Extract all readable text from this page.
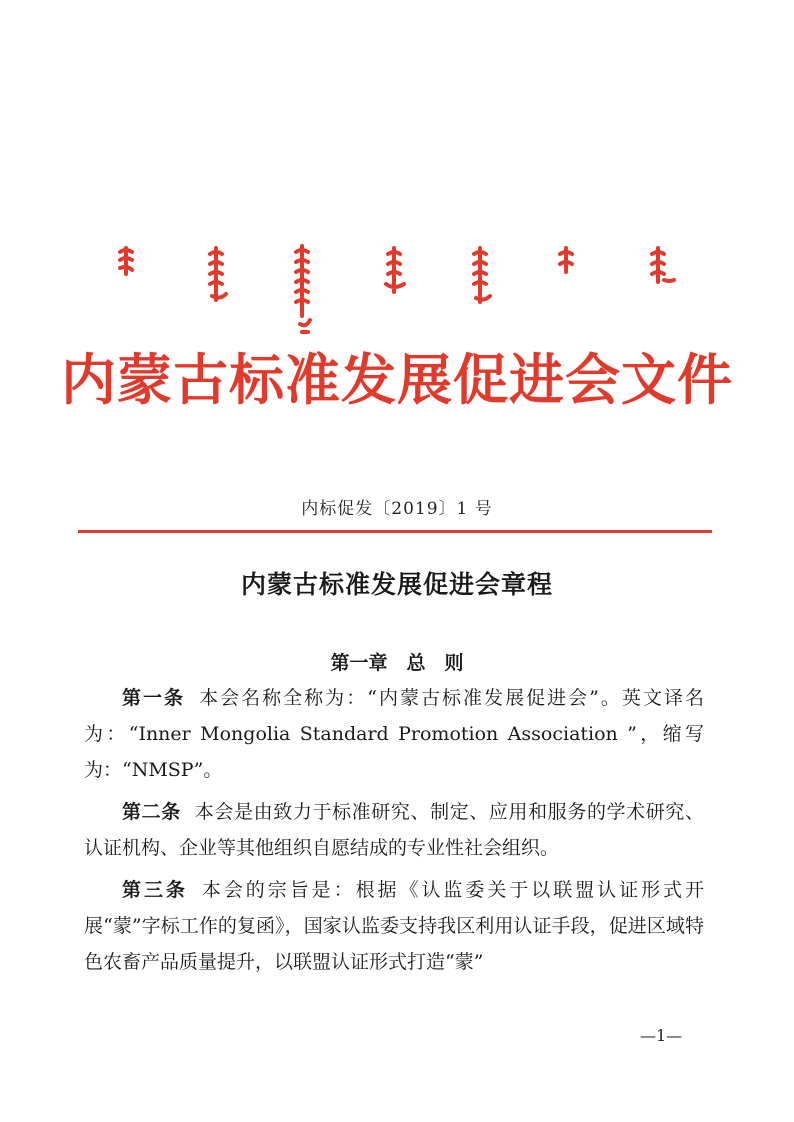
内蒙古标准发展促进会文件
内标促发〔2019〕1 号
内蒙古标准发展促进会章程
第一章　总　则

第一条 本会名称全称为：“内蒙古标准发展促进会”。英文译名为：“Inner Mongolia Standard Promotion Association ”，缩写为：“NMSP”。

第二条 本会是由致力于标准研究、制定、应用和服务的学术研究、认证机构、企业等其他组织自愿结成的专业性社会组织。

第三条 本会的宗旨是：根据《认监委关于以联盟认证形式开展“蒙”字标工作的复函》，国家认监委支持我区利用认证手段，促进区域特色农畜产品质量提升，以联盟认证形式打造“蒙”

—1—
